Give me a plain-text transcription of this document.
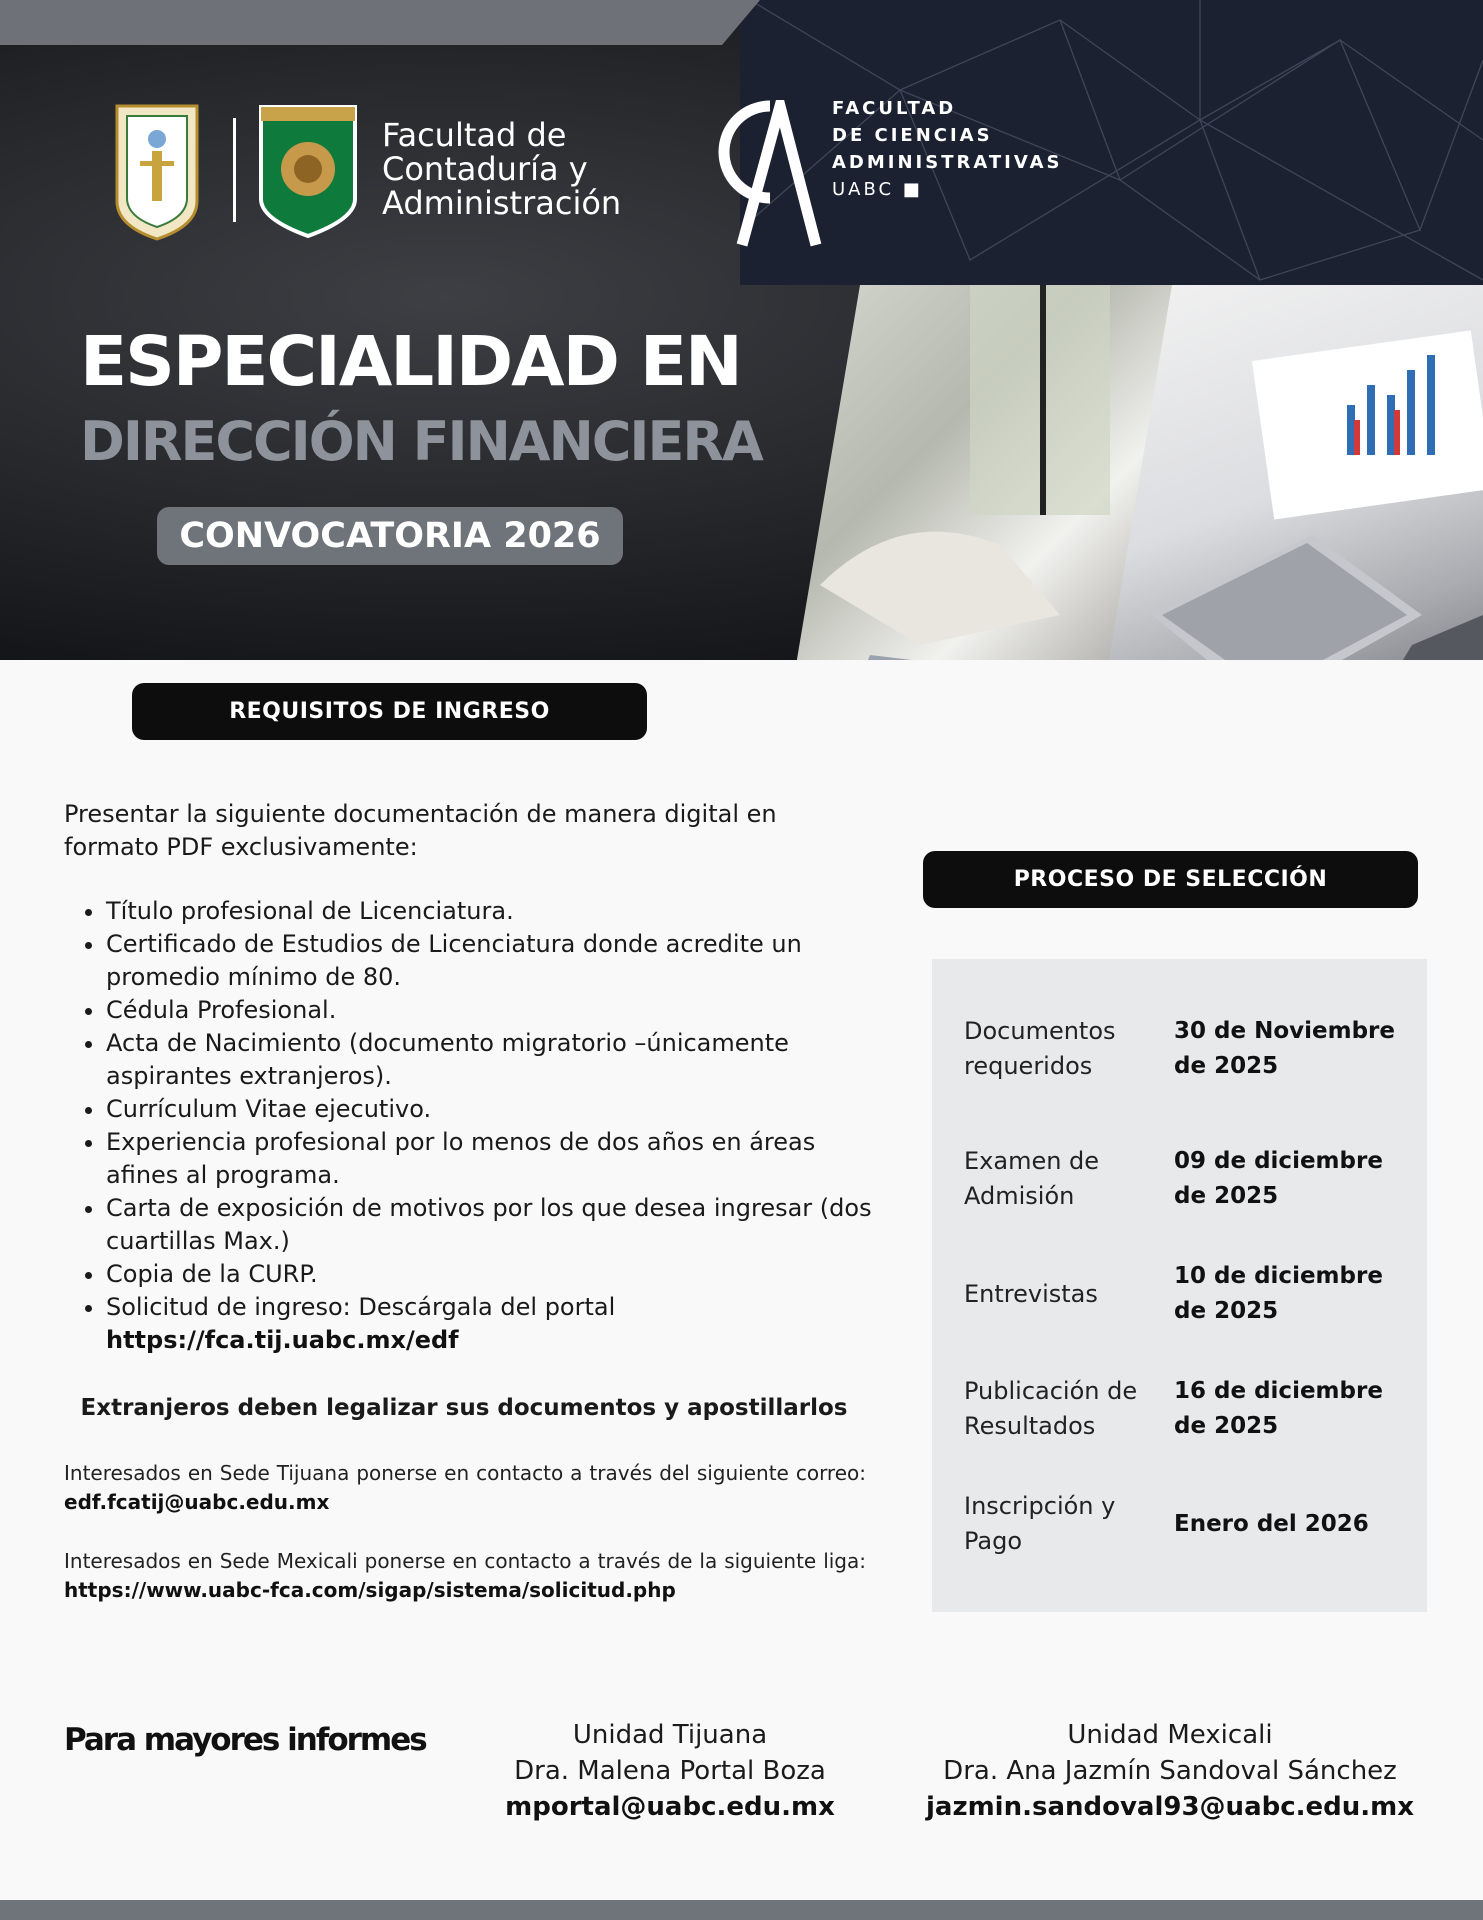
Facultad de
Contaduría y
Administración
FACULTAD
DE CIENCIAS
ADMINISTRATIVAS
UABC ■
ESPECIALIDAD EN
DIRECCIÓN FINANCIERA
CONVOCATORIA 2026
REQUISITOS DE INGRESO
Presentar la siguiente documentación de manera digital en formato PDF exclusivamente:
• Título profesional de Licenciatura.
• Certificado de Estudios de Licenciatura donde acredite un promedio mínimo de 80.
• Cédula Profesional.
• Acta de Nacimiento (documento migratorio –únicamente aspirantes extranjeros).
• Currículum Vitae ejecutivo.
• Experiencia profesional por lo menos de dos años en áreas afines al programa.
• Carta de exposición de motivos por los que desea ingresar (dos cuartillas Max.)
• Copia de la CURP.
• Solicitud de ingreso: Descárgala del portal
https://fca.tij.uabc.mx/edf
Extranjeros deben legalizar sus documentos y apostillarlos
Interesados en Sede Tijuana ponerse en contacto a través del siguiente correo: edf.fcatij@uabc.edu.mx
Interesados en Sede Mexicali ponerse en contacto a través de la siguiente liga: https://www.uabc-fca.com/sigap/sistema/solicitud.php
PROCESO DE SELECCIÓN
Documentos requeridos
30 de Noviembre de 2025
Examen de Admisión
09 de diciembre de 2025
Entrevistas
10 de diciembre de 2025
Publicación de Resultados
16 de diciembre de 2025
Inscripción y Pago
Enero del 2026
Para mayores informes	Unidad Tijuana
Dra. Malena Portal Boza
mportal@uabc.edu.mx
Unidad Mexicali
Dra. Ana Jazmín Sandoval Sánchez
jazmin.sandoval93@uabc.edu.mx
